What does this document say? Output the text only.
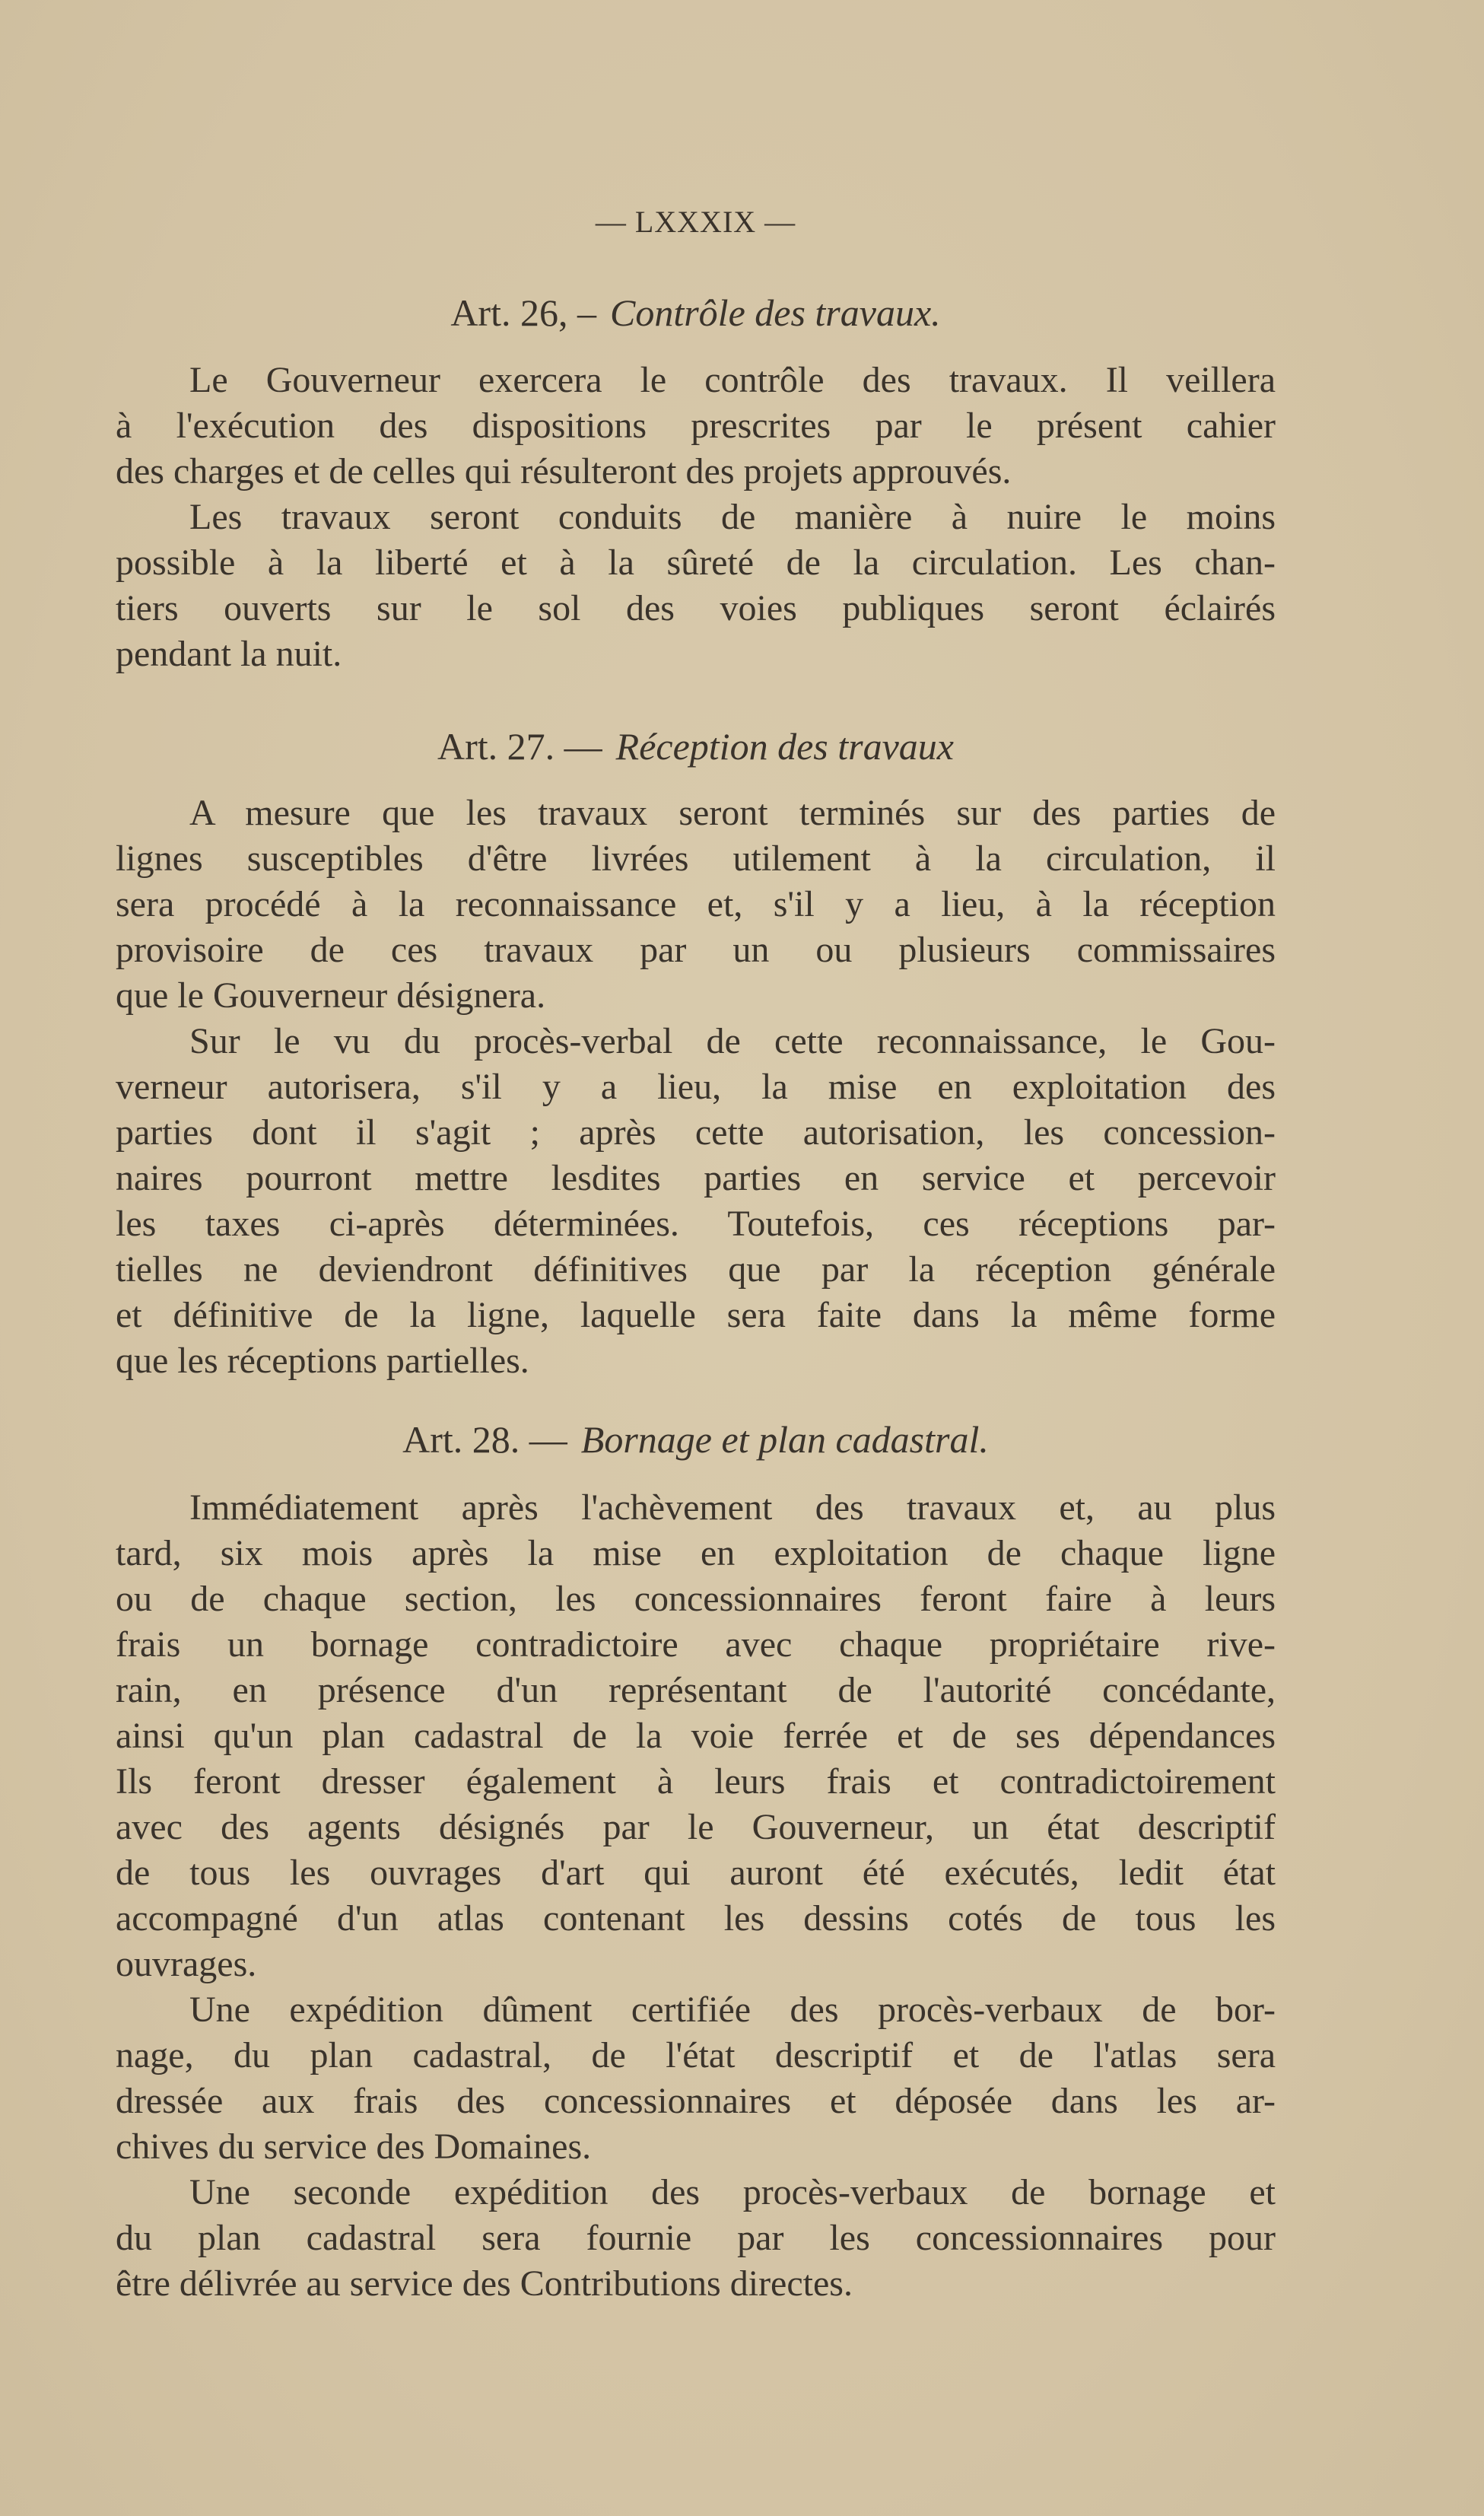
— LXXXIX —
Art. 26, – Contrôle des travaux.
Le Gouverneur exercera le contrôle des travaux. Il veillera
à l'exécution des dispositions prescrites par le présent cahier
des charges et de celles qui résulteront des projets approuvés.
Les travaux seront conduits de manière à nuire le moins
possible à la liberté et à la sûreté de la circulation. Les chan-
tiers ouverts sur le sol des voies publiques seront éclairés
pendant la nuit.
Art. 27. — Réception des travaux
A mesure que les travaux seront terminés sur des parties de
lignes susceptibles d'être livrées utilement à la circulation, il
sera procédé à la reconnaissance et, s'il y a lieu, à la réception
provisoire de ces travaux par un ou plusieurs commissaires
que le Gouverneur désignera.
Sur le vu du procès-verbal de cette reconnaissance, le Gou-
verneur autorisera, s'il y a lieu, la mise en exploitation des
parties dont il s'agit ; après cette autorisation, les concession-
naires pourront mettre lesdites parties en service et percevoir
les taxes ci-après déterminées. Toutefois, ces réceptions par-
tielles ne deviendront définitives que par la réception générale
et définitive de la ligne, laquelle sera faite dans la même forme
que les réceptions partielles.
Art. 28. — Bornage et plan cadastral.
Immédiatement après l'achèvement des travaux et, au plus
tard, six mois après la mise en exploitation de chaque ligne
ou de chaque section, les concessionnaires feront faire à leurs
frais un bornage contradictoire avec chaque propriétaire rive-
rain, en présence d'un représentant de l'autorité concédante,
ainsi qu'un plan cadastral de la voie ferrée et de ses dépendances
Ils feront dresser également à leurs frais et contradictoirement
avec des agents désignés par le Gouverneur, un état descriptif
de tous les ouvrages d'art qui auront été exécutés, ledit état
accompagné d'un atlas contenant les dessins cotés de tous les
ouvrages.
Une expédition dûment certifiée des procès-verbaux de bor-
nage, du plan cadastral, de l'état descriptif et de l'atlas sera
dressée aux frais des concessionnaires et déposée dans les ar-
chives du service des Domaines.
Une seconde expédition des procès-verbaux de bornage et
du plan cadastral sera fournie par les concessionnaires pour
être délivrée au service des Contributions directes.
